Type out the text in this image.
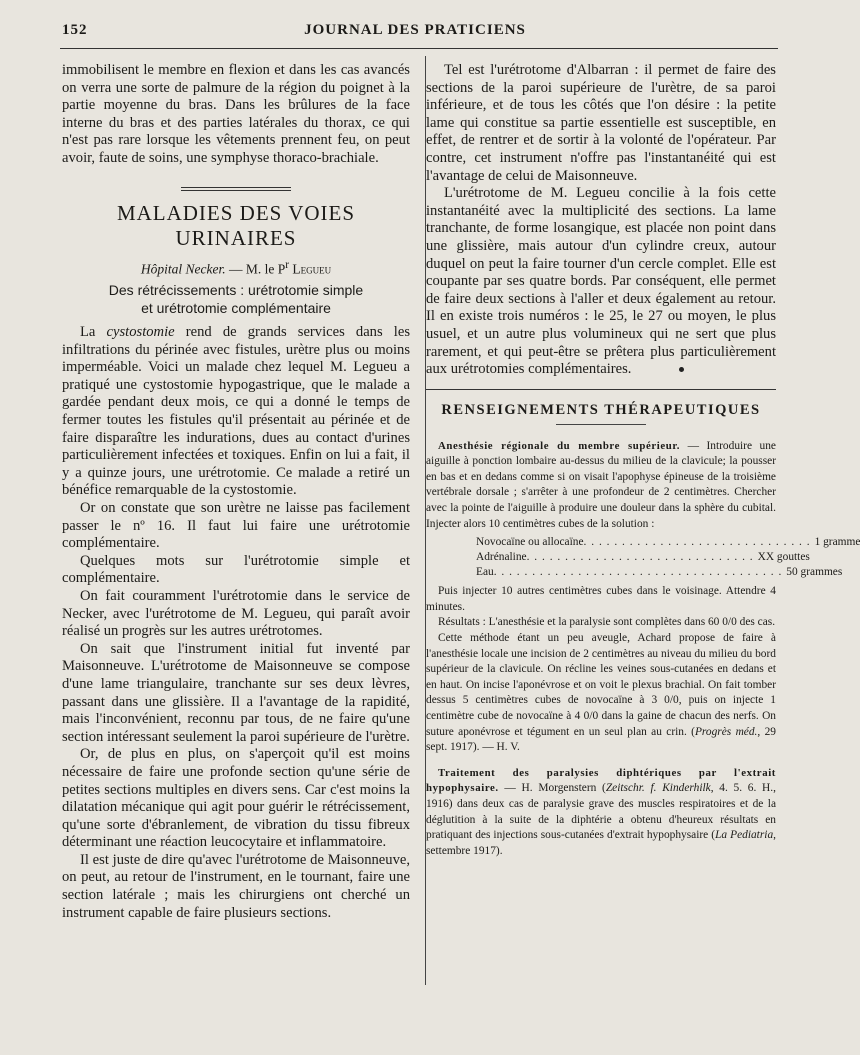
152	JOURNAL DES PRATICIENS

immobilisent le membre en flexion et dans les cas avancés on verra une sorte de palmure de la région du poignet à la partie moyenne du bras. Dans les brûlures de la face interne du bras et des parties latérales du thorax, ce qui n'est pas rare lorsque les vêtements prennent feu, on peut avoir, faute de soins, une symphyse thoraco-brachiale.

MALADIES DES VOIES URINAIRES
Hôpital Necker. — M. le $P^r$ Legueu
Des rétrécissements : urétrotomie simple
et urétrotomie complémentaire

La cystostomie rend de grands services dans les infiltrations du périnée avec fistules, urètre plus ou moins imperméable. Voici un malade chez lequel M. Legueu a pratiqué une cystostomie hypogastrique, que le malade a gardée pendant deux mois, ce qui a donné le temps de fermer toutes les fistules qu'il présentait au périnée et de faire disparaître les indurations, dues au contact d'urines particulièrement infectées et toxiques. Enfin on lui a fait, il y a quinze jours, une urétrotomie. Ce malade a retiré un bénéfice remarquable de la cystostomie.

Or on constate que son urètre ne laisse pas facilement passer le nº 16. Il faut lui faire une urétrotomie complémentaire.

Quelques mots sur l'urétrotomie simple et complémentaire.

On fait couramment l'urétrotomie dans le service de Necker, avec l'urétrotome de M. Legueu, qui paraît avoir réalisé un progrès sur les autres urétrotomes.

On sait que l'instrument initial fut inventé par Maisonneuve. L'urétrotome de Maisonneuve se compose d'une lame triangulaire, tranchante sur ses deux lèvres, passant dans une glissière. Il a l'avantage de la rapidité, mais l'inconvénient, reconnu par tous, de ne faire qu'une section intéressant seulement la paroi supérieure de l'urètre.

Or, de plus en plus, on s'aperçoit qu'il est moins nécessaire de faire une profonde section qu'une série de petites sections multiples en divers sens. Car c'est moins la dilatation mécanique qui agit pour guérir le rétrécissement, qu'une sorte d'ébranlement, de vibration du tissu fibreux déterminant une réaction leucocytaire et inflammatoire.

Il est juste de dire qu'avec l'urétrotome de Maisonneuve, on peut, au retour de l'instrument, en le tournant, faire une section latérale ; mais les chirurgiens ont cherché un instrument capable de faire plusieurs sections.

Tel est l'urétrotome d'Albarran : il permet de faire des sections de la paroi supérieure de l'urètre, de sa paroi inférieure, et de tous les côtés que l'on désire : la petite lame qui constitue sa partie essentielle est susceptible, en effet, de rentrer et de sortir à la volonté de l'opérateur. Par contre, cet instrument n'offre pas l'instantanéité qui est l'avantage de celui de Maisonneuve.

L'urétrotome de M. Legueu concilie à la fois cette instantanéité avec la multiplicité des sections. La lame tranchante, de forme losangique, est placée non point dans une glissière, mais autour d'un cylindre creux, autour duquel on peut la faire tourner d'un cercle complet. Elle est coupante par ses quatre bords. Par conséquent, elle permet de faire deux sections à l'aller et deux également au retour. Il en existe trois numéros : le 25, le 27 ou moyen, le plus usuel, et un autre plus volumineux qui ne sert que plus rarement, et qui peut-être se prêtera plus particulièrement aux urétrotomies complémentaires.

RENSEIGNEMENTS THÉRAPEUTIQUES

Anesthésie régionale du membre supérieur. — Introduire une aiguille à ponction lombaire au-dessus du milieu de la clavicule; la pousser en bas et en dedans comme si on visait l'apophyse épineuse de la troisième vertébrale dorsale ; s'arrêter à une profondeur de 2 centimètres. Chercher avec la pointe de l'aiguille à produire une douleur dans la sphère du cubital. Injecter alors 10 centimètres cubes de la solution :

Novocaïne ou allocaïne . . . . . . . . . . . . . . . . . . . . . . . . . . . . . . 1 gramme
Adrénaline . . . . . . . . . . . . . . . . . . . . . . . . . . . . . . XX gouttes
Eau . . . . . . . . . . . . . . . . . . . . . . . . . . . . . . . . . . . . . . 50 grammes

Puis injecter 10 autres centimètres cubes dans le voisinage. Attendre 4 minutes.

Résultats : L'anesthésie et la paralysie sont complètes dans 60 0/0 des cas.

Cette méthode étant un peu aveugle, Achard propose de faire à l'anesthésie locale une incision de 2 centimètres au niveau du milieu du bord supérieur de la clavicule. On récline les veines sous-cutanées en dedans et en haut. On incise l'aponévrose et on voit le plexus brachial. On fait tomber dessus 5 centimètres cubes de novocaïne à 3 0/0, puis on injecte 1 centimètre cube de novocaïne à 4 0/0 dans la gaine de chacun des nerfs. On suture aponévrose et tégument en un seul plan au crin. (Progrès méd., 29 sept. 1917). — H. V.

Traitement des paralysies diphtériques par l'extrait hypophysaire. — H. Morgenstern (Zeitschr. f. Kinderhilk, 4. 5. 6. H., 1916) dans deux cas de paralysie grave des muscles respiratoires et de la déglutition à la suite de la diphtérie a obtenu d'heureux résultats en pratiquant des injections sous-cutanées d'extrait hypophysaire (La Pediatria, settembre 1917).
